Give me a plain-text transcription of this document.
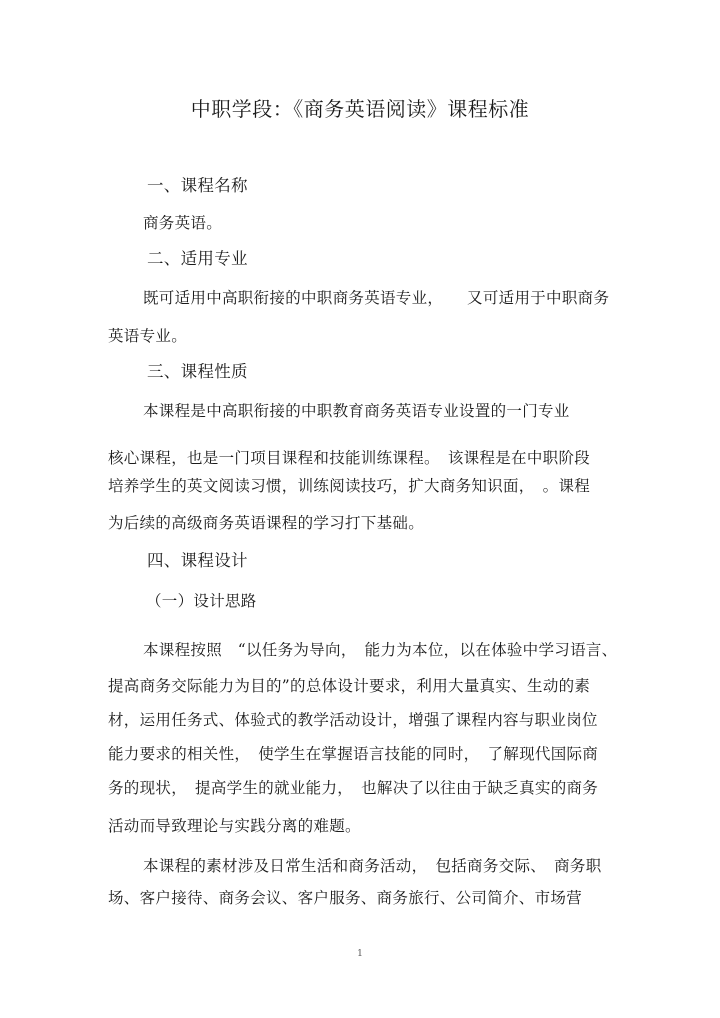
中职学段：《商务英语阅读》课程标准
一、课程名称
商务英语。
二、适用专业
既可适用中高职衔接的中职商务英语专业，　　又可适用于中职商务
英语专业。
三、课程性质
本课程是中高职衔接的中职教育商务英语专业设置的一门专业
核心课程，也是一门项目课程和技能训练课程。　该课程是在中职阶段
培养学生的英文阅读习惯，训练阅读技巧，扩大商务知识面，　。课程
为后续的高级商务英语课程的学习打下基础。
四、课程设计
（一）设计思路
本课程按照　“以任务为导向，　能力为本位，以在体验中学习语言、
提高商务交际能力为目的”的总体设计要求，利用大量真实、生动的素
材，运用任务式、体验式的教学活动设计，增强了课程内容与职业岗位
能力要求的相关性，　使学生在掌握语言技能的同时，　了解现代国际商
务的现状，　提高学生的就业能力，　也解决了以往由于缺乏真实的商务
活动而导致理论与实践分离的难题。
本课程的素材涉及日常生活和商务活动，　包括商务交际、　商务职
场、客户接待、商务会议、客户服务、商务旅行、公司简介、市场营
1
